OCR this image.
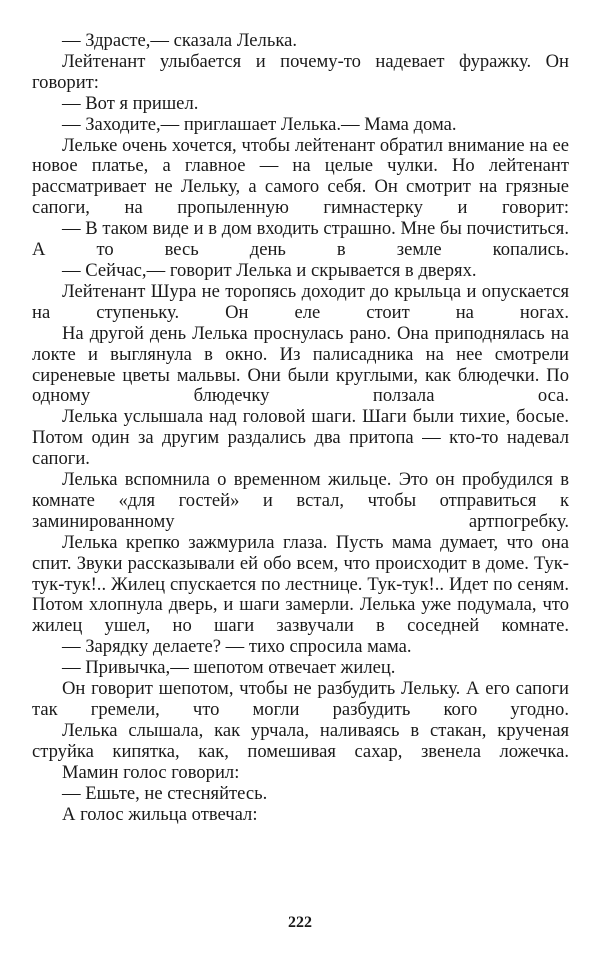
— Здрасте,— сказала Лелька.

Лейтенант улыбается и почему-то надевает фуражку. Он говорит:

— Вот я пришел.

— Заходите,— приглашает Лелька.— Мама дома.

Лельке очень хочется, чтобы лейтенант обратил внимание на ее новое платье, а главное — на целые чулки. Но лейтенант рассматривает не Лельку, а самого себя. Он смотрит на грязные сапоги, на пропыленную гимнастерку и говорит:

— В таком виде и в дом входить страшно. Мне бы почиститься. А то весь день в земле копались.

— Сейчас,— говорит Лелька и скрывается в дверях.

Лейтенант Шура не торопясь доходит до крыльца и опускается на ступеньку. Он еле стоит на ногах.

На другой день Лелька проснулась рано. Она приподнялась на локте и выглянула в окно. Из палисадника на нее смотрели сиреневые цветы мальвы. Они были круглыми, как блюдечки. По одному блюдечку ползала оса.

Лелька услышала над головой шаги. Шаги были тихие, босые. Потом один за другим раздались два притопа — кто-то надевал сапоги.

Лелька вспомнила о временном жильце. Это он пробудился в комнате «для гостей» и встал, чтобы отправиться к заминированному артпогребку.

Лелька крепко зажмурила глаза. Пусть мама думает, что она спит. Звуки рассказывали ей обо всем, что происходит в доме. Тук-тук-тук!.. Жилец спускается по лестнице. Тук-тук!.. Идет по сеням. Потом хлопнула дверь, и шаги замерли. Лелька уже подумала, что жилец ушел, но шаги зазвучали в соседней комнате.

— Зарядку делаете? — тихо спросила мама.

— Привычка,— шепотом отвечает жилец.

Он говорит шепотом, чтобы не разбудить Лельку. А его сапоги так гремели, что могли разбудить кого угодно.

Лелька слышала, как урчала, наливаясь в стакан, крученая струйка кипятка, как, помешивая сахар, звенела ложечка.

Мамин голос говорил:

— Ешьте, не стесняйтесь.

А голос жильца отвечал:

222
